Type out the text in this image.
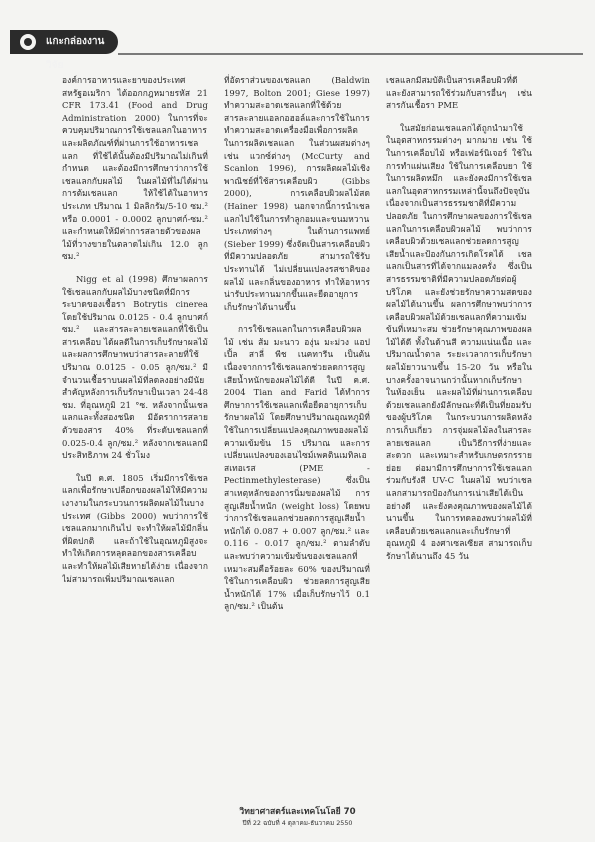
แกะกล่องงานวิจัย

องค์การอาหารและยาของประเทศสหรัฐอเมริกา ได้ออกกฎหมายรหัส 21 CFR 173.41 (Food and Drug Administration 2000) ในการที่จะควบคุมปริมาณการใช้เชลแลกในอาหาร และผลิตภัณฑ์ที่ผ่านการใช้อาหารเชลแลก ที่ใช้ได้นั้นต้องมีปริมาณไม่เกินที่กำหนด และต้องมีการศึกษาว่าการใช้เชลแลกกับผลไม้ ในผลไม้ที่ไม่ได้ผ่านการต้มเชลแลก ให้ใช้ได้ในอาหารประเภท ปริมาณ 1 มิลลิกรัม/5-10 ซม.² หรือ 0.0001 - 0.0002 ลูกบาศก์-ซม.² และกำหนดให้มีค่าการสลายตัวของผลไม้ที่วางขายในตลาดไม่เกิน 12.0 ลูก ซม.²

Nigg et al (1998) ศึกษาผลการใช้เชลแลกกับผลไม้บางชนิดที่มีการระบาดของเชื้อรา Botrytis cinerea โดยใช้ปริมาณ 0.0125 - 0.4 ลูกบาศก์ ซม.² และสารละลายเชลแลกที่ใช้เป็นสารเคลือบ ได้ผลดีในการเก็บรักษาผลไม้ และผลการศึกษาพบว่าสารละลายที่ใช้ปริมาณ 0.0125 - 0.05 ลูก/ซม.² มีจำนวนเชื้อราบนผลไม้ที่ลดลงอย่างมีนัยสำคัญหลังการเก็บรักษาเป็นเวลา 24-48 ชม. ที่อุณหภูมิ 21 °ซ. หลังจากนั้นเชลแลกและทั้งสองชนิด มีอัตราการสลายตัวของสาร 40% ที่ระดับเชลแลกที่ 0.025-0.4 ลูก/ซม.² หลังจากเชลแลกมีประสิทธิภาพ 24 ชั่วโมง

ในปี ค.ศ. 1805 เริ่มมีการใช้เชลแลกเพื่อรักษาเปลือกของผลไม้ให้มีความเงางามในกระบวนการผลิตผลไม้ในบางประเทศ (Gibbs 2000) พบว่าการใช้เชลแลกมากเกินไป จะทำให้ผลไม้มีกลิ่นที่ผิดปกติ และถ้าใช้ในอุณหภูมิสูงจะทำให้เกิดการหลุดลอกของสารเคลือบ และทำให้ผลไม้เสียหายได้ง่าย เนื่องจากไม่สามารถเพิ่มปริมาณเชลแลก

ที่อัตราส่วนของเชลแลก (Baldwin 1997, Bolton 2001; Giese 1997) ทำความสะอาดเชลแลกที่ใช้ด้วยสารละลายแอลกอฮอล์และการใช้ในการทำความสะอาดเครื่องมือเพื่อการผลิต ในการผลิตเชลแลก ในส่วนผสมต่างๆ เช่น แวกซ์ต่างๆ (McCurty and Scanlon 1996), การผลิตผลไม้เชิงพาณิชย์ที่ใช้สารเคลือบผิว (Gibbs 2000), การเคลือบผิวผลไม้สด (Hainer 1998) นอกจากนี้การนำเชลแลกไปใช้ในการทำลูกอมและขนมหวานประเภทต่างๆ ในด้านการแพทย์ (Sieber 1999) ซึ่งจัดเป็นสารเคลือบผิวที่มีความปลอดภัย สามารถใช้รับประทานได้ ไม่เปลี่ยนแปลงรสชาติของผลไม้ และกลิ่นของอาหาร ทำให้อาหารน่ารับประทานมากขึ้นและยืดอายุการเก็บรักษาได้นานขึ้น

การใช้เชลแลกในการเคลือบผิวผลไม้ เช่น ส้ม มะนาว องุ่น มะม่วง แอปเปิ้ล สาลี่ พีช เนคทารีน เป็นต้น เนื่องจากการใช้เชลแลกช่วยลดการสูญเสียน้ำหนักของผลไม้ได้ดี ในปี ค.ศ. 2004 Tian and Farid ได้ทำการศึกษาการใช้เชลแลกเพื่อยืดอายุการเก็บรักษาผลไม้ โดยศึกษาปริมาณอุณหภูมิที่ใช้ในการเปลี่ยนแปลงคุณภาพของผลไม้ ความเข้มข้น 15 ปริมาณ และการเปลี่ยนแปลงของเอนไซม์เพคตินเมทิลเอสเทอเรส (PME - Pectinmethylesterase) ซึ่งเป็นสาเหตุหลักของการนิ่มของผลไม้ การสูญเสียน้ำหนัก (weight loss) โดยพบว่าการใช้เชลแลกช่วยลดการสูญเสียน้ำหนักได้ 0.087 + 0.007 ลูก/ซม.² และ 0.116 - 0.017 ลูก/ซม.² ตามลำดับ และพบว่าความเข้มข้นของเชลแลกที่เหมาะสมคือร้อยละ 60% ของปริมาณที่ใช้ในการเคลือบผิว ช่วยลดการสูญเสียน้ำหนักได้ 17% เมื่อเก็บรักษาไว้ 0.1 ลูก/ซม.² เป็นต้น

เชลแลกมีสมบัติเป็นสารเคลือบผิวที่ดี และยังสามารถใช้ร่วมกับสารอื่นๆ เช่น สารกันเชื้อรา PME

ในสมัยก่อนเชลแลกได้ถูกนำมาใช้ในอุตสาหกรรมต่างๆ มากมาย เช่น ใช้ในการเคลือบไม้ หรือเฟอร์นิเจอร์ ใช้ในการทำแผ่นเสียง ใช้ในการเคลือบยา ใช้ในการผลิตหมึก และยังคงมีการใช้เชลแลกในอุตสาหกรรมเหล่านี้จนถึงปัจจุบัน เนื่องจากเป็นสารธรรมชาติที่มีความปลอดภัย ในการศึกษาผลของการใช้เชลแลกในการเคลือบผิวผลไม้ พบว่าการเคลือบผิวด้วยเชลแลกช่วยลดการสูญเสียน้ำและป้องกันการเกิดโรคได้ เชลแลกเป็นสารที่ได้จากแมลงครั่ง ซึ่งเป็นสารธรรมชาติที่มีความปลอดภัยต่อผู้บริโภค และยังช่วยรักษาความสดของผลไม้ได้นานขึ้น ผลการศึกษาพบว่าการเคลือบผิวผลไม้ด้วยเชลแลกที่ความเข้มข้นที่เหมาะสม ช่วยรักษาคุณภาพของผลไม้ได้ดี ทั้งในด้านสี ความแน่นเนื้อ และปริมาณน้ำตาล ระยะเวลาการเก็บรักษาผลไม้ยาวนานขึ้น 15-20 วัน หรือในบางครั้งอาจนานกว่านั้นหากเก็บรักษาในห้องเย็น และผลไม้ที่ผ่านการเคลือบด้วยเชลแลกยังมีลักษณะที่ดีเป็นที่ยอมรับของผู้บริโภค ในกระบวนการผลิตหลังการเก็บเกี่ยว การจุ่มผลไม้ลงในสารละลายเชลแลก เป็นวิธีการที่ง่ายและสะดวก และเหมาะสำหรับเกษตรกรรายย่อย ต่อมามีการศึกษาการใช้เชลแลกร่วมกับรังสี UV-C ในผลไม้ พบว่าเชลแลกสามารถป้องกันการเน่าเสียได้เป็นอย่างดี และยังคงคุณภาพของผลไม้ได้นานขึ้น ในการทดลองพบว่าผลไม้ที่เคลือบด้วยเชลแลกและเก็บรักษาที่อุณหภูมิ 4 องศาเซลเซียส สามารถเก็บรักษาได้นานถึง 45 วัน

วิทยาศาสตร์และเทคโนโลยี 70
ปีที่ 22 ฉบับที่ 4 ตุลาคม-ธันวาคม 2550
